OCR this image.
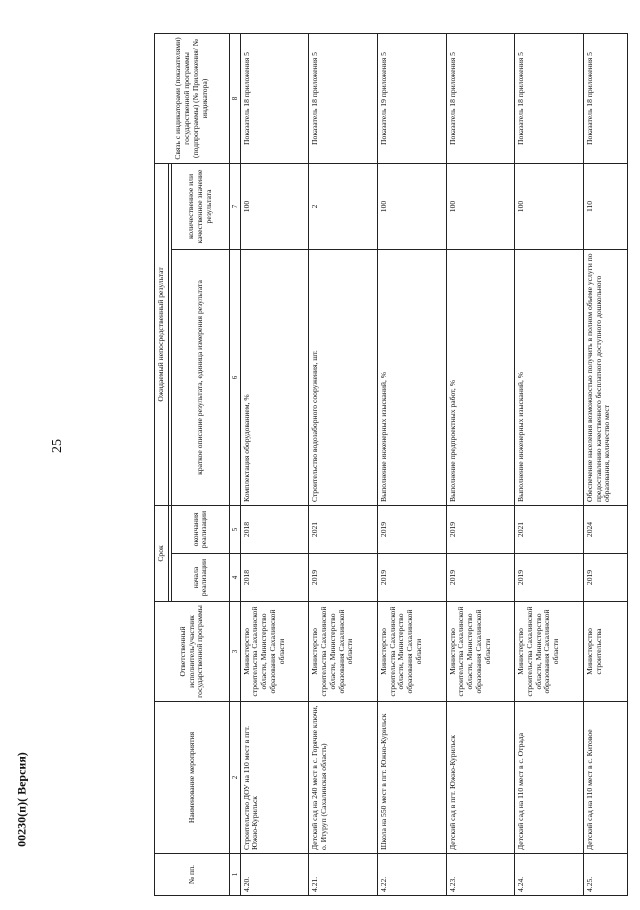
25
00230(п)( Версия)
№ пп.	Наименование мероприятия	Ответственный исполнитель/участник государственной программы	Срок		Ожидаемый непосредственный результат		Связь с индикаторами (показателями) государственной программы (подпрограммы) (№ Приложения/ № индикатора)

			начала реализации	окончания реализации	краткое описание результата, единица измерения результата	количественное или качественное значение результата	
1	2	3	4	5	6	7	8
4.20.	Строительство ДОУ на 110 мест в пгт. Южно-Курильск	Министерство строительства Сахалинской области, Министерство образования Сахалинской области	2018	2018	Комплектация оборудованием, %	100	Показатель 18 приложения 5
4.21.	Детский сад на 240 мест в с. Горячие ключи, о. Итуруп (Сахалинская область)	Министерство строительства Сахалинской области, Министерство образования Сахалинской области	2019	2021	Строительство водозаборного сооружения, шт.	2	Показатель 18 приложения 5
4.22.	Школа на 550 мест в пгт. Южно-Курильск	Министерство строительства Сахалинской области, Министерство образования Сахалинской области	2019	2019	Выполнение инженерных изысканий, %	100	Показатель 19 приложения 5
4.23.	Детский сад в пгт. Южно-Курильск	Министерство строительства Сахалинской области, Министерство образования Сахалинской области	2019	2019	Выполнение предпроектных работ, %	100	Показатель 18 приложения 5
4.24.	Детский сад на 110 мест в с. Отрада	Министерство строительства Сахалинской области, Министерство образования Сахалинской области	2019	2021	Выполнение инженерных изысканий, %	100	Показатель 18 приложения 5
4.25.	Детский сад на 110 мест в с. Китовое	Министерство строительства	2019	2024	Обеспечение населения возможностью получить в полном объеме услуги по предоставлению качественного бесплатного доступного дошкольного образования, количество мест	110	Показатель 18 приложения 5
